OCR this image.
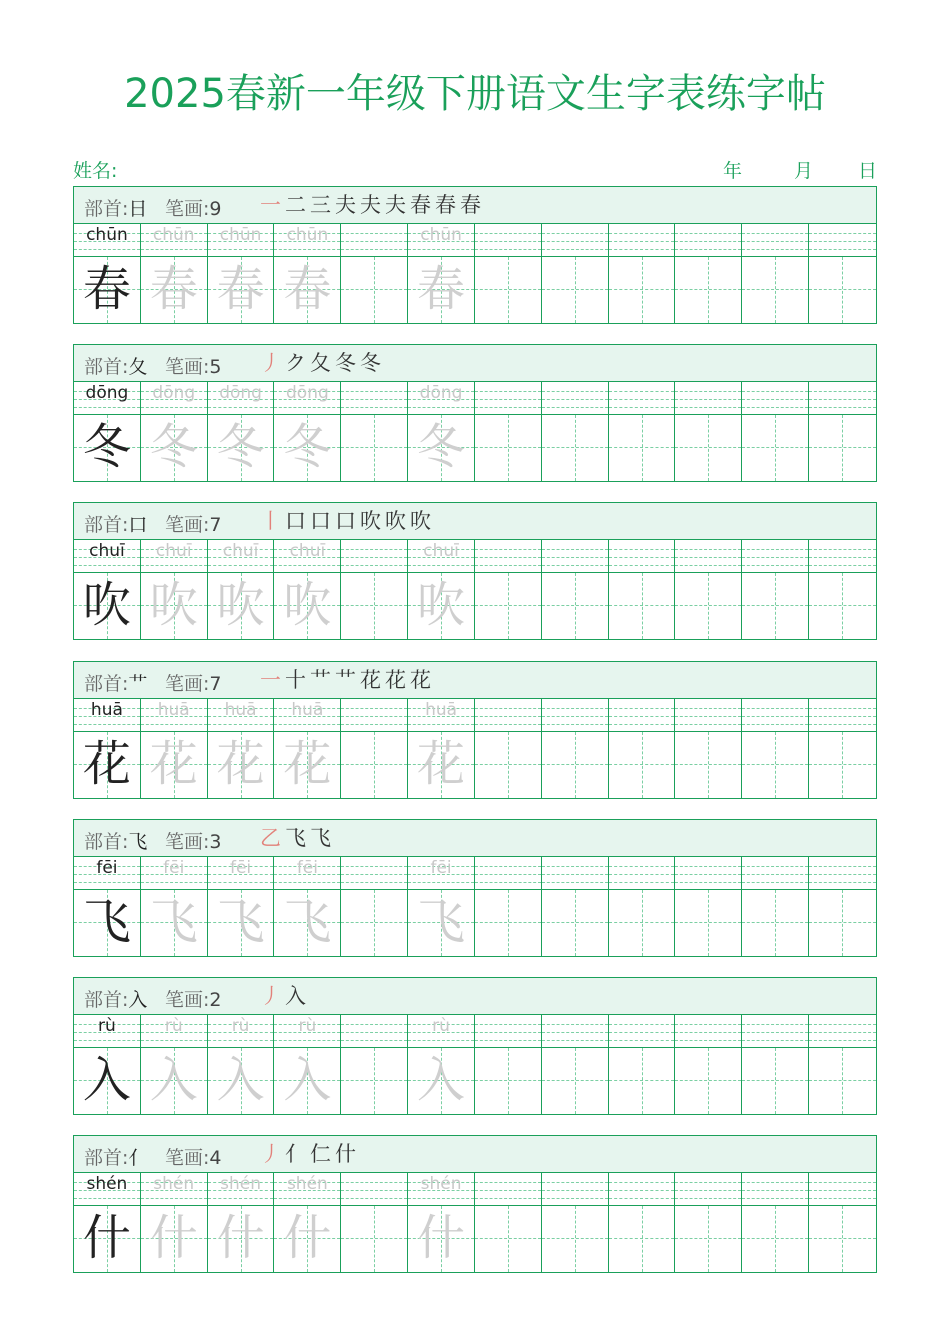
2025春新一年级下册语文生字表练字帖
姓名:	年	月 日
部首:日 笔画:9 一 二 三 夫 夫 夫 春 春 春
chūn
春
chūn
春
chūn
春
chūn
春
chūn
春
部首:夂 笔画:5 丿 ク 夂 冬 冬
dōng
冬
dōng
冬
dōng
冬
dōng
冬
dōng
冬
部首:口 笔画:7 丨 口 口 口 吹 吹 吹
chuī
吹
chuī
吹
chuī
吹
chuī
吹
chuī
吹
部首:艹 笔画:7 一 十 艹 艹 花 花 花
huā
花
huā
花
huā
花
huā
花
huā
花
部首:飞 笔画:3 乙 飞 飞
fēi
飞
fēi
飞
fēi
飞
fēi
飞
fēi
飞
部首:入 笔画:2 丿 入
rù
入
rù
入
rù
入
rù
入
rù
入
部首:亻 笔画:4 丿 亻 仁 什
shén
什
shén
什
shén
什
shén
什
shén
什
